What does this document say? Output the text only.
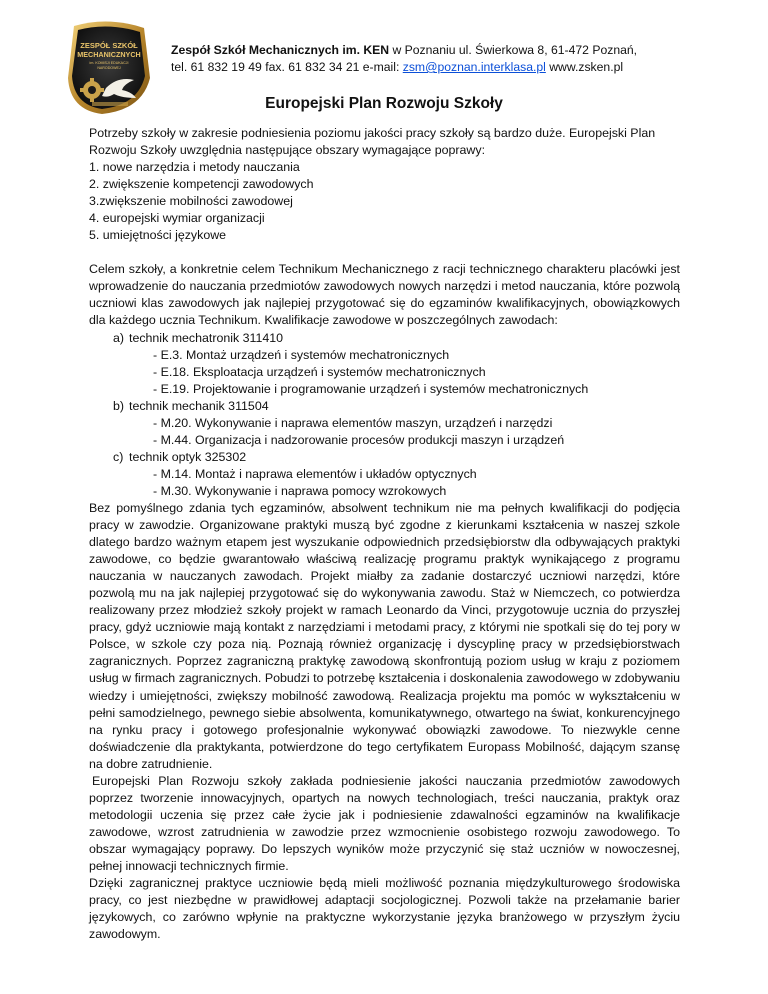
ZESPÓŁ SZKÓŁ
MECHANICZNYCH
im. KOMISJI EDUKACJI
NARODOWEJ
Zespół Szkół Mechanicznych im. KEN w Poznaniu ul. Świerkowa 8, 61-472 Poznań,
tel. 61 832 19 49 fax. 61 832 34 21 e-mail: zsm@poznan.interklasa.pl www.zsken.pl
Europejski Plan Rozwoju Szkoły

Potrzeby szkoły w zakresie podniesienia poziomu jakości pracy szkoły są bardzo duże. Europejski Plan

Rozwoju Szkoły uwzględnia następujące obszary wymagające poprawy:

1. nowe narzędzia i metody nauczania

2. zwiększenie kompetencji zawodowych

3.zwiększenie mobilności zawodowej

4. europejski wymiar organizacji

5. umiejętności językowe

Celem szkoły, a konkretnie celem Technikum Mechanicznego z racji technicznego charakteru placówki jest wprowadzenie do nauczania przedmiotów zawodowych nowych narzędzi i metod nauczania, które pozwolą uczniowi klas zawodowych jak najlepiej przygotować się do egzaminów kwalifikacyjnych, obowiązkowych dla każdego ucznia Technikum. Kwalifikacje zawodowe w poszczególnych zawodach:

a) technik mechatronik 311410

- E.3. Montaż urządzeń i systemów mechatronicznych

- E.18. Eksploatacja urządzeń i systemów mechatronicznych

- E.19. Projektowanie i programowanie urządzeń i systemów mechatronicznych

b) technik mechanik 311504

- M.20. Wykonywanie i naprawa elementów maszyn, urządzeń i narzędzi

- M.44. Organizacja i nadzorowanie procesów produkcji maszyn i urządzeń

c) technik optyk 325302

- M.14. Montaż i naprawa elementów i układów optycznych

- M.30. Wykonywanie i naprawa pomocy wzrokowych

Bez pomyślnego zdania tych egzaminów, absolwent technikum nie ma pełnych kwalifikacji do podjęcia pracy w zawodzie. Organizowane praktyki muszą być zgodne z kierunkami kształcenia w naszej szkole dlatego bardzo ważnym etapem jest wyszukanie odpowiednich przedsiębiorstw dla odbywających praktyki zawodowe, co będzie gwarantowało właściwą realizację programu praktyk wynikającego z programu nauczania w nauczanych zawodach. Projekt miałby za zadanie dostarczyć uczniowi narzędzi, które pozwolą mu na jak najlepiej przygotować się do wykonywania zawodu. Staż w Niemczech, co potwierdza realizowany przez młodzież szkoły projekt w ramach Leonardo da Vinci, przygotowuje ucznia do przyszłej pracy, gdyż uczniowie mają kontakt z narzędziami i metodami pracy, z którymi nie spotkali się do tej pory w Polsce, w szkole czy poza nią. Poznają również organizację i dyscyplinę pracy w przedsiębiorstwach zagranicznych. Poprzez zagraniczną praktykę zawodową skonfrontują poziom usług w kraju z poziomem usług w firmach zagranicznych. Pobudzi to potrzebę kształcenia i doskonalenia zawodowego w zdobywaniu wiedzy i umiejętności, zwiększy mobilność zawodową. Realizacja projektu ma pomóc w wykształceniu w pełni samodzielnego, pewnego siebie absolwenta, komunikatywnego, otwartego na świat, konkurencyjnego na rynku pracy i gotowego profesjonalnie wykonywać obowiązki zawodowe. To niezwykle cenne doświadczenie dla praktykanta, potwierdzone do tego certyfikatem Europass Mobilność, dającym szansę na dobre zatrudnienie.

Europejski Plan Rozwoju szkoły zakłada podniesienie jakości nauczania przedmiotów zawodowych poprzez tworzenie innowacyjnych, opartych na nowych technologiach, treści nauczania, praktyk oraz metodologii uczenia się przez całe życie jak i podniesienie zdawalności egzaminów na kwalifikacje zawodowe, wzrost zatrudnienia w zawodzie przez wzmocnienie osobistego rozwoju zawodowego. To obszar wymagający poprawy. Do lepszych wyników może przyczynić się staż uczniów w nowoczesnej, pełnej innowacji technicznych firmie.

Dzięki zagranicznej praktyce uczniowie będą mieli możliwość poznania międzykulturowego środowiska pracy, co jest niezbędne w prawidłowej adaptacji socjologicznej. Pozwoli także na przełamanie barier językowych, co zarówno wpłynie na praktyczne wykorzystanie języka branżowego w przyszłym życiu zawodowym.
